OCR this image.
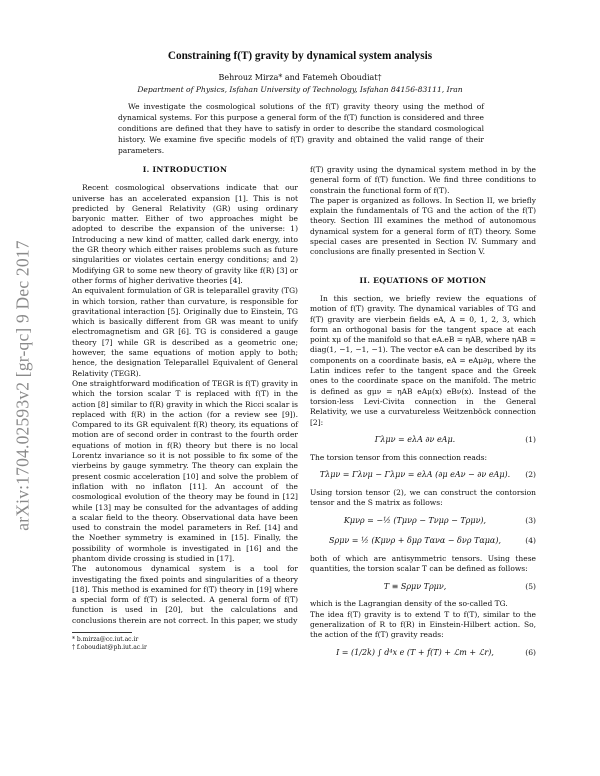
arXiv:1704.02593v2 [gr-qc] 9 Dec 2017
Constraining f(T) gravity by dynamical system analysis
Behrouz Mirza* and Fatemeh Oboudiat†
Department of Physics, Isfahan University of Technology, Isfahan 84156-83111, Iran
We investigate the cosmological solutions of the f(T) gravity theory using the method of dynamical systems. For this purpose a general form of the f(T) function is considered and three conditions are defined that they have to satisfy in order to describe the standard cosmological history. We examine five specific models of f(T) gravity and obtained the valid range of their parameters.
I. INTRODUCTION

Recent cosmological observations indicate that our universe has an accelerated expansion [1]. This is not predicted by General Relativity (GR) using ordinary baryonic matter. Either of two approaches might be adopted to describe the expansion of the universe: 1) Introducing a new kind of matter, called dark energy, into the GR theory which either raises problems such as future singularities or violates certain energy conditions; and 2) Modifying GR to some new theory of gravity like f(R) [3] or other forms of higher derivative theories [4].

An equivalent formulation of GR is teleparallel gravity (TG) in which torsion, rather than curvature, is responsible for gravitational interaction [5]. Originally due to Einstein, TG which is basically different from GR was meant to unify electromagnetism and GR [6]. TG is considered a gauge theory [7] while GR is described as a geometric one; however, the same equations of motion apply to both; hence, the designation Teleparallel Equivalent of General Relativity (TEGR).

One straightforward modification of TEGR is f(T) gravity in which the torsion scalar T is replaced with f(T) in the action [8] similar to f(R) gravity in which the Ricci scalar is replaced with f(R) in the action (for a review see [9]). Compared to its GR equivalent f(R) theory, its equations of motion are of second order in contrast to the fourth order equations of motion in f(R) theory but there is no local Lorentz invariance so it is not possible to fix some of the vierbeins by gauge symmetry. The theory can explain the present cosmic acceleration [10] and solve the problem of inflation with no inflaton [11]. An account of the cosmological evolution of the theory may be found in [12] while [13] may be consulted for the advantages of adding a scalar field to the theory. Observational data have been used to constrain the model parameters in Ref. [14] and the Noether symmetry is examined in [15]. Finally, the possibility of wormhole is investigated in [16] and the phantom divide crossing is studied in [17].

The autonomous dynamical system is a tool for investigating the fixed points and singularities of a theory [18]. This method is examined for f(T) theory in [19] where a special form of f(T) is selected. A general form of f(T) function is used in [20], but the calculations and conclusions therein are not correct. In this paper, we study

* b.mirza@cc.iut.ac.ir

† f.oboudiat@ph.iut.ac.ir

f(T) gravity using the dynamical system method in by the general form of f(T) function. We find three conditions to constrain the functional form of f(T).

The paper is organized as follows. In Section II, we briefly explain the fundamentals of TG and the action of the f(T) theory. Section III examines the method of autonomous dynamical system for a general form of f(T) theory. Some special cases are presented in Section IV. Summary and conclusions are finally presented in Section V.

II. EQUATIONS OF MOTION

In this section, we briefly review the equations of motion of f(T) gravity. The dynamical variables of TG and f(T) gravity are vierbein fields eA, A = 0, 1, 2, 3, which form an orthogonal basis for the tangent space at each point xμ of the manifold so that eA.eB = ηAB, where ηAB = diag(1, −1, −1, −1). The vector eA can be described by its components on a coordinate basis, eA = eAμ∂μ, where the Latin indices refer to the tangent space and the Greek ones to the coordinate space on the manifold. The metric is defined as gμν = ηAB eAμ(x) eBν(x). Instead of the torsion-less Levi-Civita connection in the General Relativity, we use a curvatureless Weitzenböck connection [2]:

Γλμν = eλA ∂ν eAμ.	(1)

The torsion tensor from this connection reads:

Tλμν = Γλνμ − Γλμν = eλA (∂μ eAν − ∂ν eAμ).	(2)

Using torsion tensor (2), we can construct the contorsion tensor and the S matrix as follows:

Kμνρ = −½ (Tμνρ − Tνμρ − Tρμν),	(3)
Sρμν = ½ (Kμνρ + δμρ Tανα − δνρ Tαμα),	(4)

both of which are antisymmetric tensors. Using these quantities, the torsion scalar T can be defined as follows:

T ≡ Sρμν Tρμν,	(5)

which is the Lagrangian density of the so-called TG.

The idea f(T) gravity is to extend T to f(T), similar to the generalization of R to f(R) in Einstein-Hilbert action. So, the action of the f(T) gravity reads:

I = (1/2k) ∫ d⁴x e (T + f(T) + ℒm + ℒr),	(6)
